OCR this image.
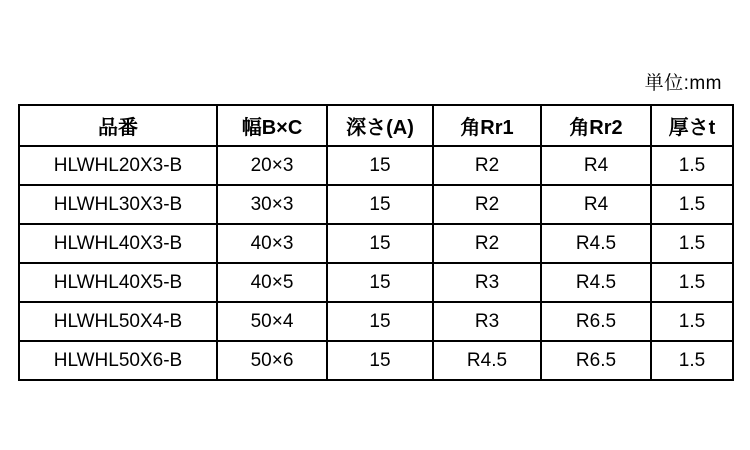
単位:mm
品番	幅B×C	深さ(A)	角Rr1	角Rr2	厚さt
HLWHL20X3-B	20×3	15	R2	R4	1.5
HLWHL30X3-B	30×3	15	R2	R4	1.5
HLWHL40X3-B	40×3	15	R2	R4.5	1.5
HLWHL40X5-B	40×5	15	R3	R4.5	1.5
HLWHL50X4-B	50×4	15	R3	R6.5	1.5
HLWHL50X6-B	50×6	15	R4.5	R6.5	1.5
